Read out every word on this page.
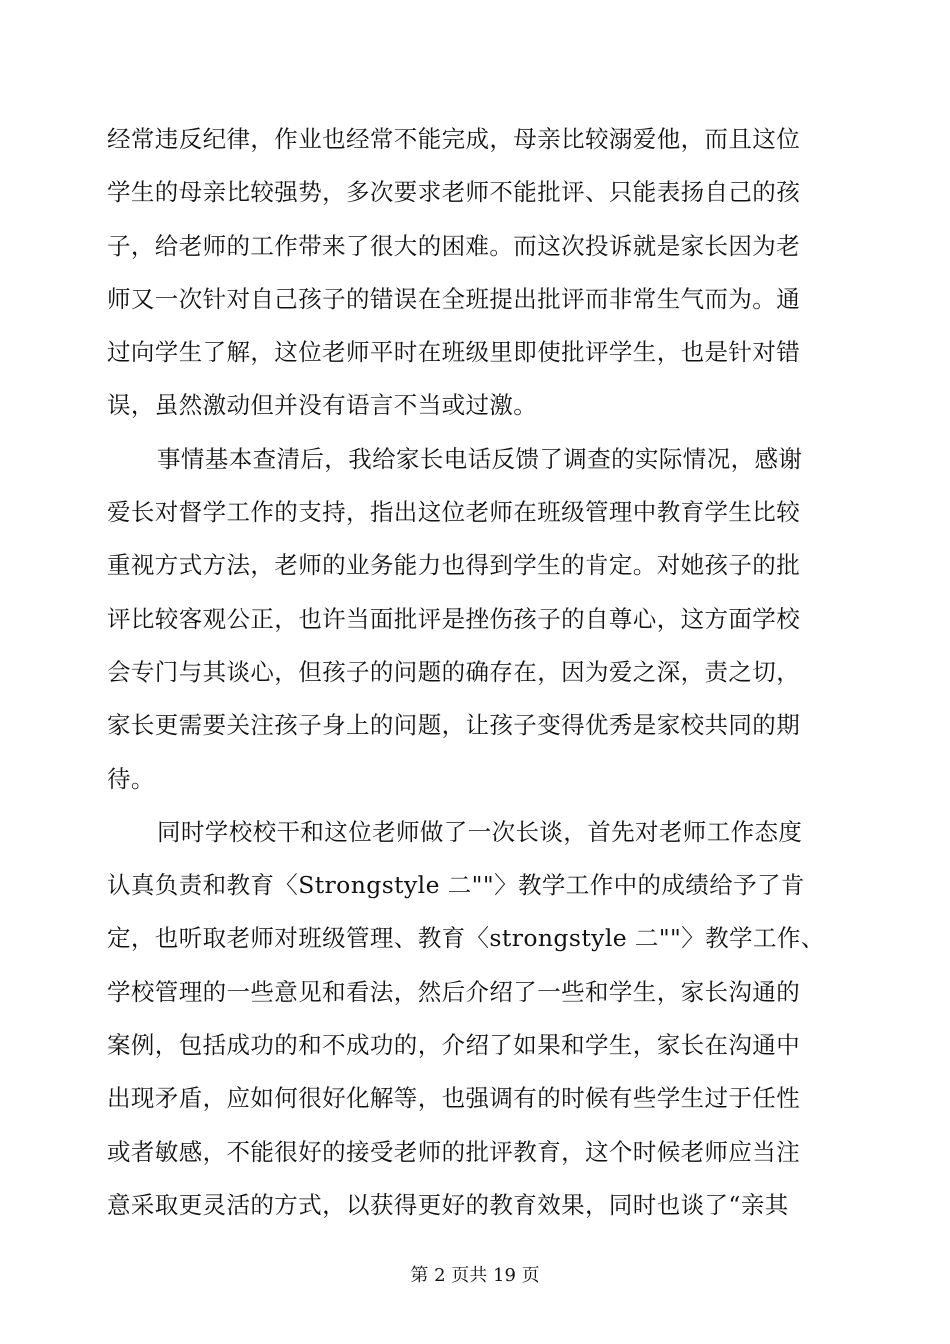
经常违反纪律，作业也经常不能完成，母亲比较溺爱他，而且这位
学生的母亲比较强势，多次要求老师不能批评、只能表扬自己的孩
子，给老师的工作带来了很大的困难。而这次投诉就是家长因为老
师又一次针对自己孩子的错误在全班提出批评而非常生气而为。通
过向学生了解，这位老师平时在班级里即使批评学生，也是针对错
误，虽然激动但并没有语言不当或过激。
事情基本查清后，我给家长电话反馈了调查的实际情况，感谢
爱长对督学工作的支持，指出这位老师在班级管理中教育学生比较
重视方式方法，老师的业务能力也得到学生的肯定。对她孩子的批
评比较客观公正，也许当面批评是挫伤孩子的自尊心，这方面学校
会专门与其谈心，但孩子的问题的确存在，因为爱之深，责之切，
家长更需要关注孩子身上的问题，让孩子变得优秀是家校共同的期
待。
同时学校校干和这位老师做了一次长谈，首先对老师工作态度
认真负责和教育〈Strongstyle 二""〉教学工作中的成绩给予了肯
定，也听取老师对班级管理、教育〈strongstyle 二""〉教学工作、
学校管理的一些意见和看法，然后介绍了一些和学生，家长沟通的
案例，包括成功的和不成功的，介绍了如果和学生，家长在沟通中
出现矛盾，应如何很好化解等，也强调有的时候有些学生过于任性
或者敏感，不能很好的接受老师的批评教育，这个时候老师应当注
意采取更灵活的方式，以获得更好的教育效果，同时也谈了“亲其
第 2 页共 19 页
